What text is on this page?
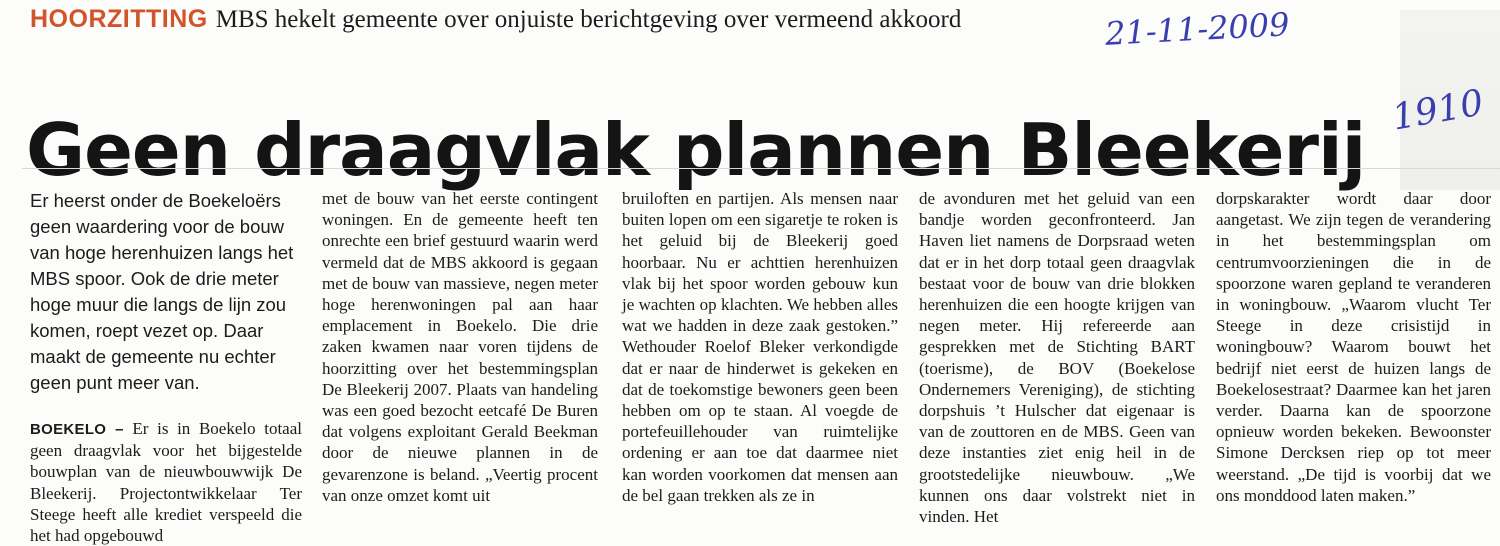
HOORZITTING MBS hekelt gemeente over onjuiste berichtgeving over vermeend akkoord	21-11-2009
Geen draagvlak plannen Bleekerij 1910

Er heerst onder de Boekeloërs geen waardering voor de bouw van hoge herenhuizen langs het MBS spoor. Ook de drie meter hoge muur die langs de lijn zou komen, roept vezet op. Daar maakt de gemeente nu echter geen punt meer van.

BOEKELO – Er is in Boekelo totaal geen draagvlak voor het bijgestelde bouwplan van de nieuwbouwwijk De Bleekerij. Projectontwikkelaar Ter Steege heeft alle krediet verspeeld die het had opgebouwd

met de bouw van het eerste contingent woningen. En de gemeente heeft ten onrechte een brief gestuurd waarin werd vermeld dat de MBS akkoord is gegaan met de bouw van massieve, negen meter hoge herenwoningen pal aan haar emplacement in Boekelo. Die drie zaken kwamen naar voren tijdens de hoorzitting over het bestemmingsplan De Bleekerij 2007. Plaats van handeling was een goed bezocht eetcafé De Buren dat volgens exploitant Gerald Beekman door de nieuwe plannen in de gevarenzone is beland. „Veertig procent van onze omzet komt uit

bruiloften en partijen. Als mensen naar buiten lopen om een sigaretje te roken is het geluid bij de Bleekerij goed hoorbaar. Nu er achttien herenhuizen vlak bij het spoor worden gebouw kun je wachten op klachten. We hebben alles wat we hadden in deze zaak gestoken.” Wethouder Roelof Bleker verkondigde dat er naar de hinderwet is gekeken en dat de toekomstige bewoners geen been hebben om op te staan. Al voegde de portefeuillehouder van ruimtelijke ordening er aan toe dat daarmee niet kan worden voorkomen dat mensen aan de bel gaan trekken als ze in

de avonduren met het geluid van een bandje worden geconfronteerd. Jan Haven liet namens de Dorpsraad weten dat er in het dorp totaal geen draagvlak bestaat voor de bouw van drie blokken herenhuizen die een hoogte krijgen van negen meter. Hij refereerde aan gesprekken met de Stichting BART (toerisme), de BOV (Boekelose Ondernemers Vereniging), de stichting dorpshuis ’t Hulscher dat eigenaar is van de zouttoren en de MBS. Geen van deze instanties ziet enig heil in de grootstedelijke nieuwbouw. „We kunnen ons daar volstrekt niet in vinden. Het

dorpskarakter wordt daar door aangetast. We zijn tegen de verandering in het bestemmingsplan om centrumvoorzieningen die in de spoorzone waren gepland te veranderen in woningbouw. „Waarom vlucht Ter Steege in deze crisistijd in woningbouw? Waarom bouwt het bedrijf niet eerst de huizen langs de Boekelosestraat? Daarmee kan het jaren verder. Daarna kan de spoorzone opnieuw worden bekeken. Bewoonster Simone Dercksen riep op tot meer weerstand. „De tijd is voorbij dat we ons monddood laten maken.”
